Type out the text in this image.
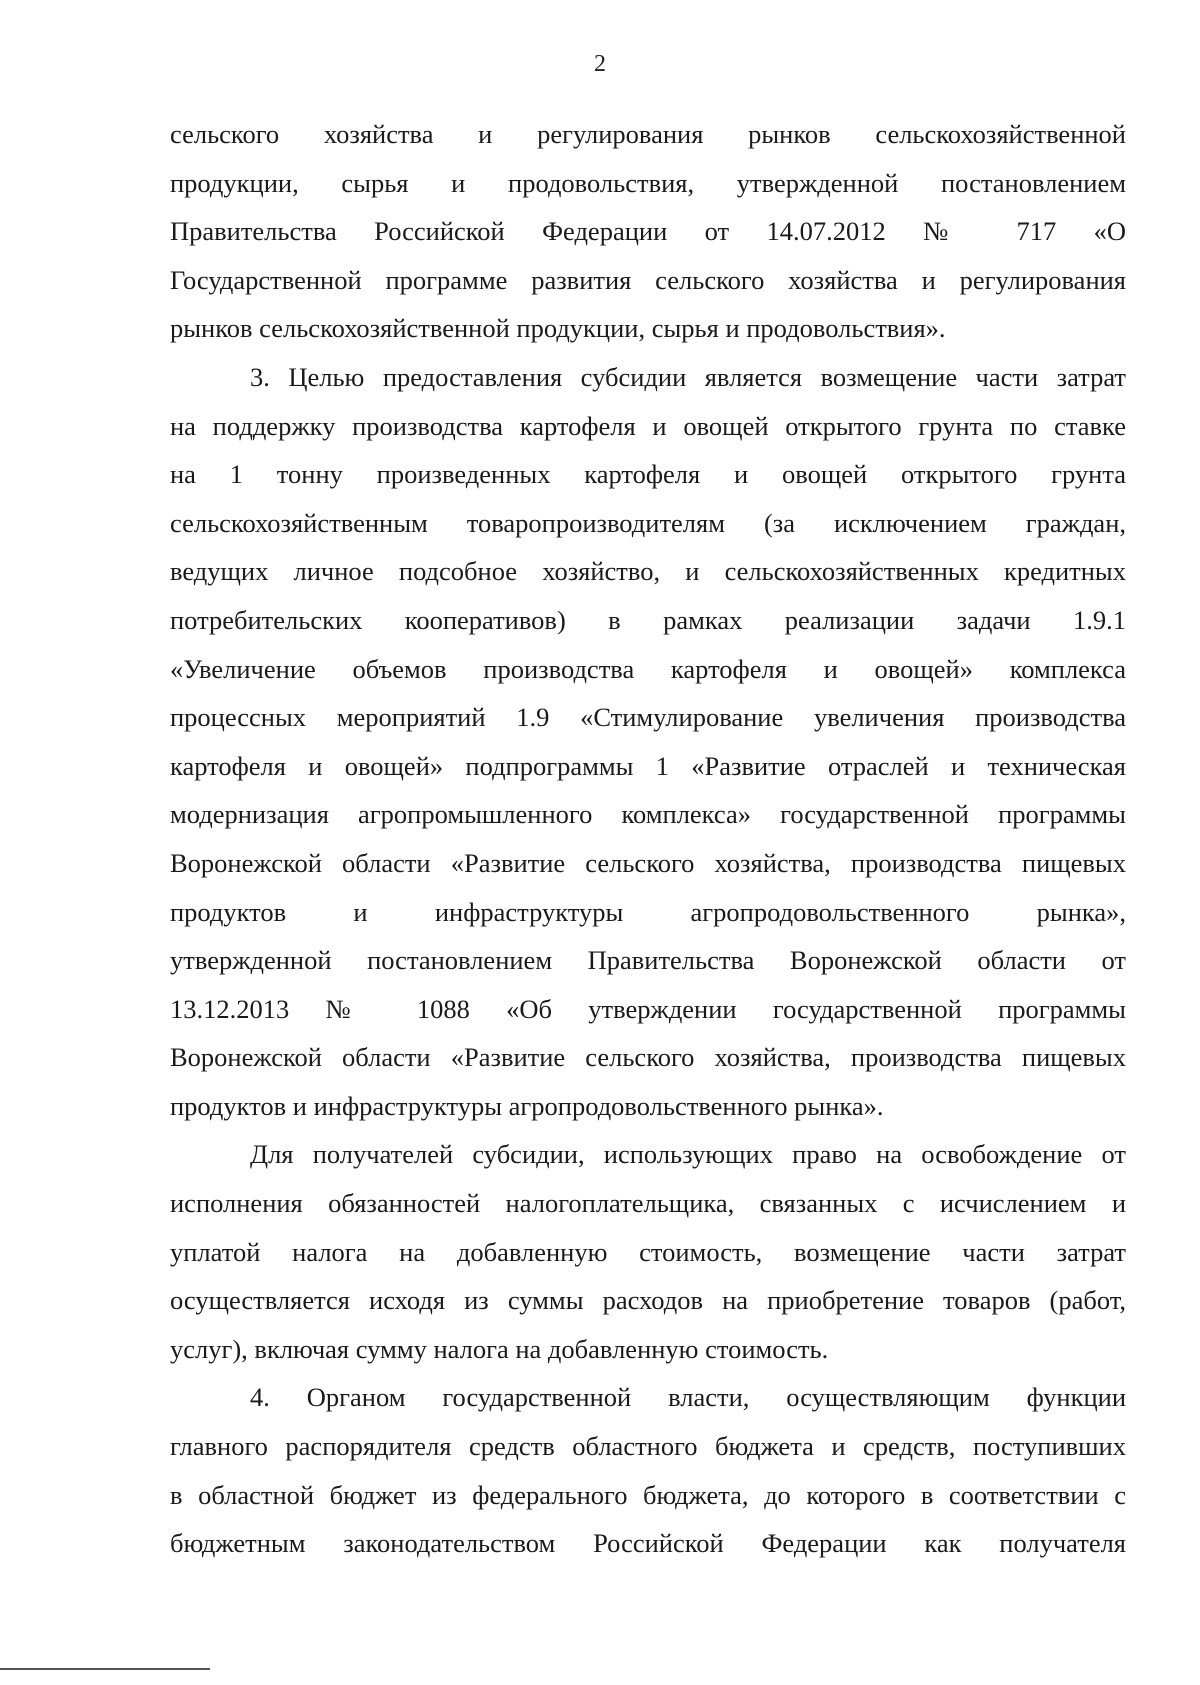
2
сельского хозяйства и регулирования рынков сельскохозяйственной
продукции, сырья и продовольствия, утвержденной постановлением
Правительства Российской Федерации от 14.07.2012 № 717 «О
Государственной программе развития сельского хозяйства и регулирования
рынков сельскохозяйственной продукции, сырья и продовольствия».
3. Целью предоставления субсидии является возмещение части затрат
на поддержку производства картофеля и овощей открытого грунта по ставке
на 1 тонну произведенных картофеля и овощей открытого грунта
сельскохозяйственным товаропроизводителям (за исключением граждан,
ведущих личное подсобное хозяйство, и сельскохозяйственных кредитных
потребительских кооперативов) в рамках реализации задачи 1.9.1
«Увеличение объемов производства картофеля и овощей» комплекса
процессных мероприятий 1.9 «Стимулирование увеличения производства
картофеля и овощей» подпрограммы 1 «Развитие отраслей и техническая
модернизация агропромышленного комплекса» государственной программы
Воронежской области «Развитие сельского хозяйства, производства пищевых
продуктов и инфраструктуры агропродовольственного рынка»,
утвержденной постановлением Правительства Воронежской области от
13.12.2013 № 1088 «Об утверждении государственной программы
Воронежской области «Развитие сельского хозяйства, производства пищевых
продуктов и инфраструктуры агропродовольственного рынка».
Для получателей субсидии, использующих право на освобождение от
исполнения обязанностей налогоплательщика, связанных с исчислением и
уплатой налога на добавленную стоимость, возмещение части затрат
осуществляется исходя из суммы расходов на приобретение товаров (работ,
услуг), включая сумму налога на добавленную стоимость.
4. Органом государственной власти, осуществляющим функции
главного распорядителя средств областного бюджета и средств, поступивших
в областной бюджет из федерального бюджета, до которого в соответствии с
бюджетным законодательством Российской Федерации как получателя
